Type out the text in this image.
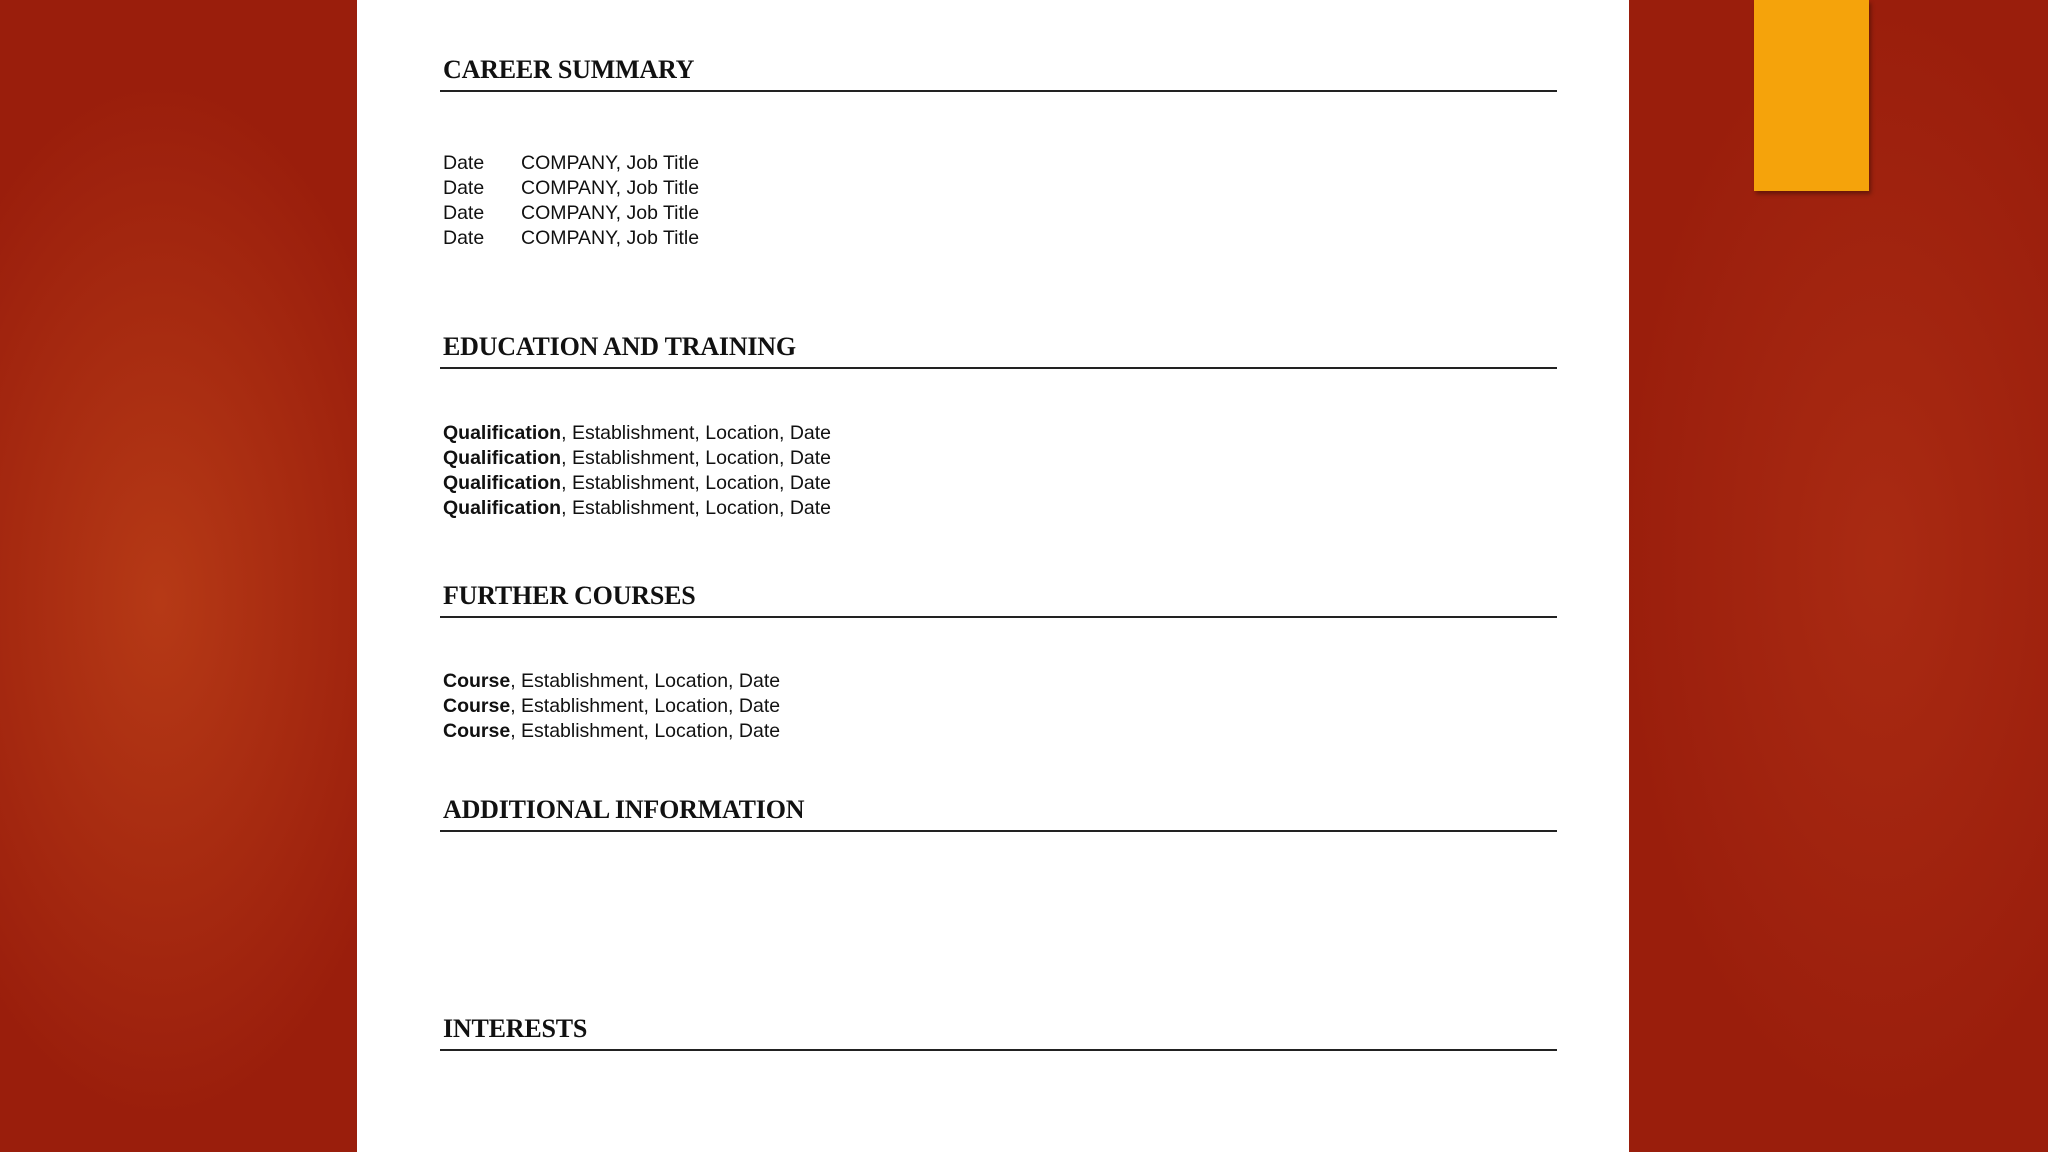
CAREER SUMMARY
Date COMPANY, Job Title
Date COMPANY, Job Title
Date COMPANY, Job Title
Date COMPANY, Job Title
EDUCATION AND TRAINING
Qualification, Establishment, Location, Date
Qualification, Establishment, Location, Date
Qualification, Establishment, Location, Date
Qualification, Establishment, Location, Date
FURTHER COURSES
Course, Establishment, Location, Date
Course, Establishment, Location, Date
Course, Establishment, Location, Date
ADDITIONAL INFORMATION
INTERESTS
